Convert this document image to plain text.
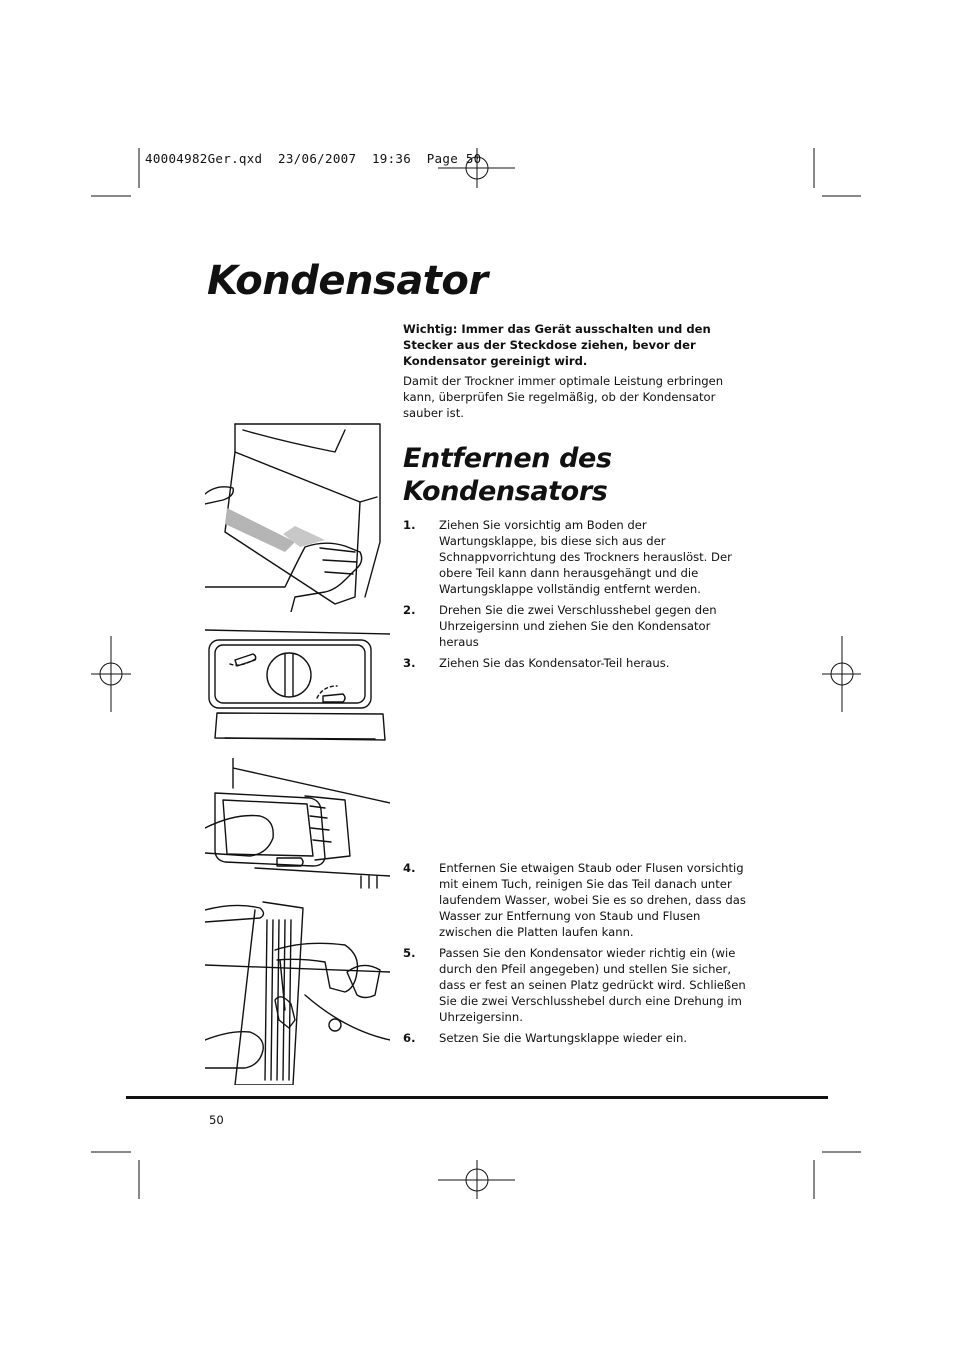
40004982Ger.qxd  23/06/2007  19:36  Page 50
Kondensator

Wichtig: Immer das Gerät ausschalten und den Stecker aus der Steckdose ziehen, bevor der Kondensator gereinigt wird.

Damit der Trockner immer optimale Leistung erbringen kann, überprüfen Sie regelmäßig, ob der Kondensator sauber ist.

Entfernen des Kondensators
1. Ziehen Sie vorsichtig am Boden der Wartungsklappe, bis diese sich aus der Schnappvorrichtung des Trockners herauslöst. Der obere Teil kann dann herausgehängt und die Wartungsklappe vollständig entfernt werden.
2. Drehen Sie die zwei Verschlusshebel gegen den Uhrzeigersinn und ziehen Sie den Kondensator heraus
3. Ziehen Sie das Kondensator-Teil heraus.
4. Entfernen Sie etwaigen Staub oder Flusen vorsichtig mit einem Tuch, reinigen Sie das Teil danach unter laufendem Wasser, wobei Sie es so drehen, dass das Wasser zur Entfernung von Staub und Flusen zwischen die Platten laufen kann.
5. Passen Sie den Kondensator wieder richtig ein (wie durch den Pfeil angegeben) und stellen Sie sicher, dass er fest an seinen Platz gedrückt wird. Schließen Sie die zwei Verschlusshebel durch eine Drehung im Uhrzeigersinn.
6. Setzen Sie die Wartungsklappe wieder ein.
50
